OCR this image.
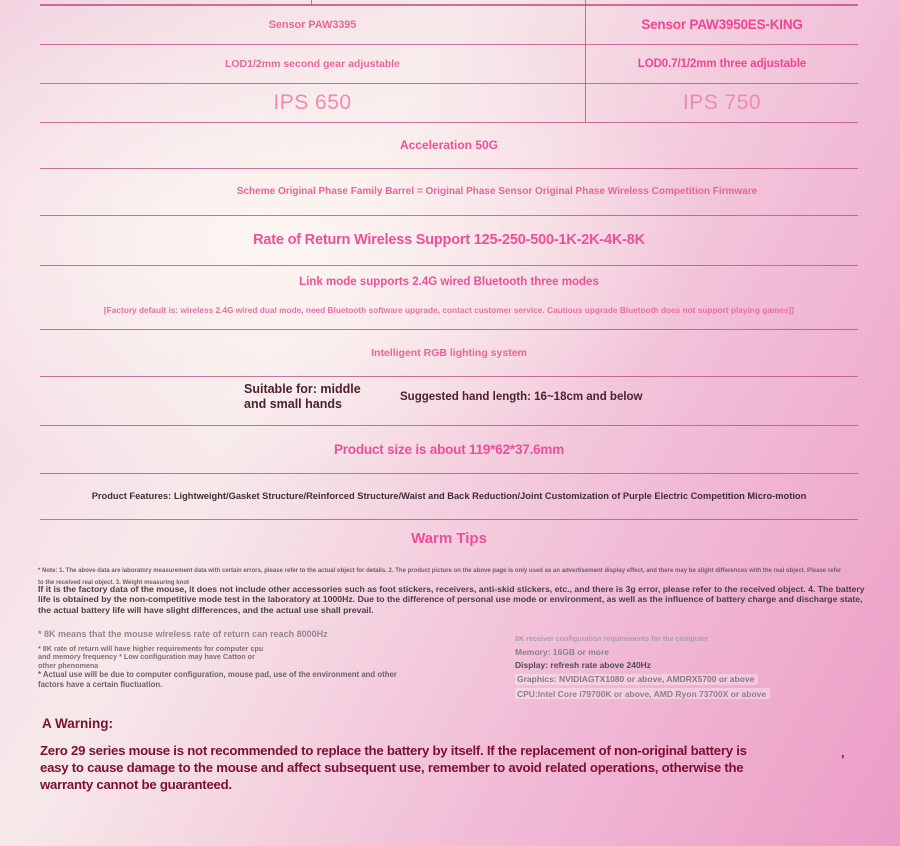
Sensor PAW3395	Sensor PAW3950ES-KING
LOD1/2mm second gear adjustable	LOD0.7/1/2mm three adjustable
IPS 650	IPS 750
Acceleration 50G
Scheme Original Phase Family Barrel = Original Phase Sensor Original Phase Wireless Competition Firmware
Rate of Return Wireless Support 125-250-500-1K-2K-4K-8K
Link mode supports 2.4G wired Bluetooth three modes
[Factory default is: wireless 2.4G wired dual mode, need Bluetooth software upgrade, contact customer service. Cautious upgrade Bluetooth does not support playing games]]
Intelligent RGB lighting system
Suitable for: middle
and small hands	Suggested hand length: 16~18cm and below
Product size is about 119*62*37.6mm
Product Features: Lightweight/Gasket Structure/Reinforced Structure/Waist and Back Reduction/Joint Customization of Purple Electric Competition Micro-motion
Warm Tips
* Note: 1. The above data are laboratory measurement data with certain errors, please refer to the actual object for details. 2. The product picture on the above page is only used as an advertisement display effect, and there may be slight differences with the real object. Please refer
to the received real object. 3. Weight measuring knot
If it is the factory data of the mouse, it does not include other accessories such as foot stickers, receivers, anti-skid stickers, etc., and there is 3g error, please refer to the received object. 4. The battery
life is obtained by the non-competitive mode test in the laboratory at 1000Hz. Due to the difference of personal use mode or environment, as well as the influence of battery charge and discharge state,
the actual battery life will have slight differences, and the actual use shall prevail.
* 8K means that the mouse wireless rate of return can reach 8000Hz
* 8K rate of return will have higher requirements for computer cpu
and memory frequency * Low configuration may have Catton or
other phenomena
* Actual use will be due to computer configuration, mouse pad, use of the environment and other
factors have a certain fluctuation.
8K receiver configuration requirements for the computer
Memory: 16GB or more
Display: refresh rate above 240Hz
Graphics: NVIDIAGTX1080 or above, AMDRX5700 or above
CPU:Intel Core i79700K or above, AMD Ryon 73700X or above
A Warning:
Zero 29 series mouse is not recommended to replace the battery by itself. If the replacement of non-original battery is
easy to cause damage to the mouse and affect subsequent use, remember to avoid related operations, otherwise the
warranty cannot be guaranteed.
’
